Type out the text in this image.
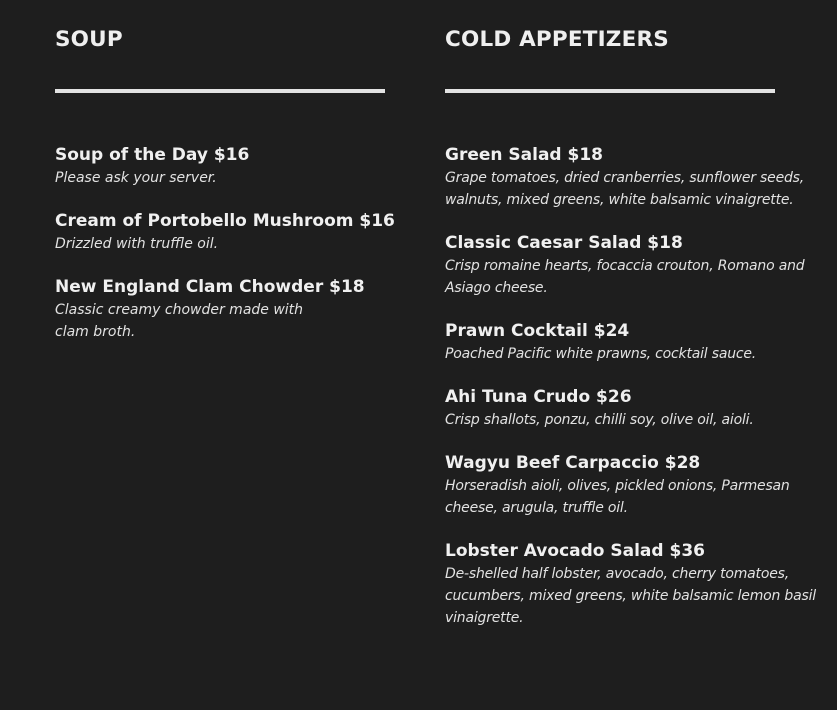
SOUP
Soup of the Day $16
Please ask your server.
Cream of Portobello Mushroom $16
Drizzled with truffle oil.
New England Clam Chowder $18
Classic creamy chowder made with clam broth.
COLD APPETIZERS
Green Salad $18
Grape tomatoes, dried cranberries, sunflower seeds, walnuts, mixed greens, white balsamic vinaigrette.
Classic Caesar Salad $18
Crisp romaine hearts, focaccia crouton, Romano and Asiago cheese.
Prawn Cocktail $24
Poached Pacific white prawns, cocktail sauce.
Ahi Tuna Crudo $26
Crisp shallots, ponzu, chilli soy, olive oil, aioli.
Wagyu Beef Carpaccio $28
Horseradish aioli, olives, pickled onions, Parmesan cheese, arugula, truffle oil.
Lobster Avocado Salad $36
De-shelled half lobster, avocado, cherry tomatoes, cucumbers, mixed greens, white balsamic lemon basil vinaigrette.
